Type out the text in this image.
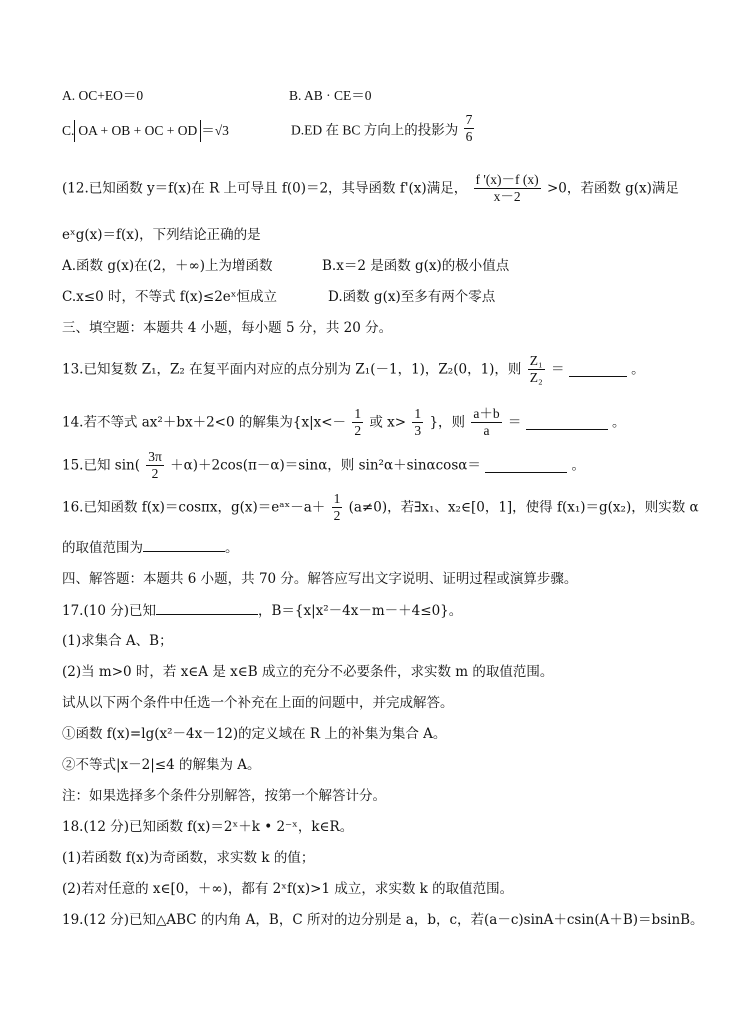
A. OC+EO＝0	B. AB · CE＝0
C. OA + OB + OC + OD ＝√3	D.ED 在 BC 方向上的投影为 $\frac{7}{6}$
(12.已知函数 y＝f(x)在 R 上可导且 f(0)＝2，其导函数 f'(x)满足， $\frac{f '(x)-f (x)}{x-2} >0$，若函数 g(x)满足
eˣg(x)＝f(x)，下列结论正确的是
A.函数 g(x)在(2，＋∞)上为增函数	B.x＝2 是函数 g(x)的极小值点
C.x≤0 时，不等式 f(x)≤2eˣ恒成立	D.函数 g(x)至多有两个零点
三、填空题：本题共 4 小题，每小题 5 分，共 20 分。
13.已知复数 Z₁，Z₂ 在复平面内对应的点分别为 Z₁(－1，1)，Z₂(0，1)，则 $\frac{\text{Z₁}}{\text{Z₂}}$ ＝	。
14.若不等式 ax²＋bx＋2<0 的解集为{$x|x<- \frac{1}{2}$ 或 $x> \frac{1}{3}$ }，则 $\frac{a+b}{a}$ ＝	。
15.已知 $\sin( \frac{3\pi}{2} +\alpha)+2\cos(\pi-\alpha)=\sin\alpha$，则 sin²α＋sinαcosα＝	。
16.已知函数 f(x)＝cosπx，g(x)＝eᵃˣ－a＋ $\frac{1}{2} (a\ne 0)$，若∃x₁、x₂∈[0，1]，使得 f(x₁)＝g(x₂)，则实数 α
的取值范围为	。
四、解答题：本题共 6 小题，共 70 分。解答应写出文字说明、证明过程或演算步骤。
17.(10 分)已知	，B＝{x|x²－4x－m－＋4≤0}。
(1)求集合 A、B；
(2)当 m>0 时，若 x∈A 是 x∈B 成立的充分不必要条件，求实数 m 的取值范围。
试从以下两个条件中任选一个补充在上面的问题中，并完成解答。
①函数 f(x)=lg(x²－4x－12)的定义域在 R 上的补集为集合 A。
②不等式|x－2|≤4 的解集为 A。
注：如果选择多个条件分别解答，按第一个解答计分。
18.(12 分)已知函数 f(x)＝2ˣ＋k • 2⁻ˣ，k∈R。
(1)若函数 f(x)为奇函数，求实数 k 的值；
(2)若对任意的 x∈[0，＋∞)，都有 2ˣf(x)>1 成立，求实数 k 的取值范围。
19.(12 分)已知△ABC 的内角 A，B，C 所对的边分别是 a，b，c，若(a－c)sinA＋csin(A＋B)＝bsinB。
